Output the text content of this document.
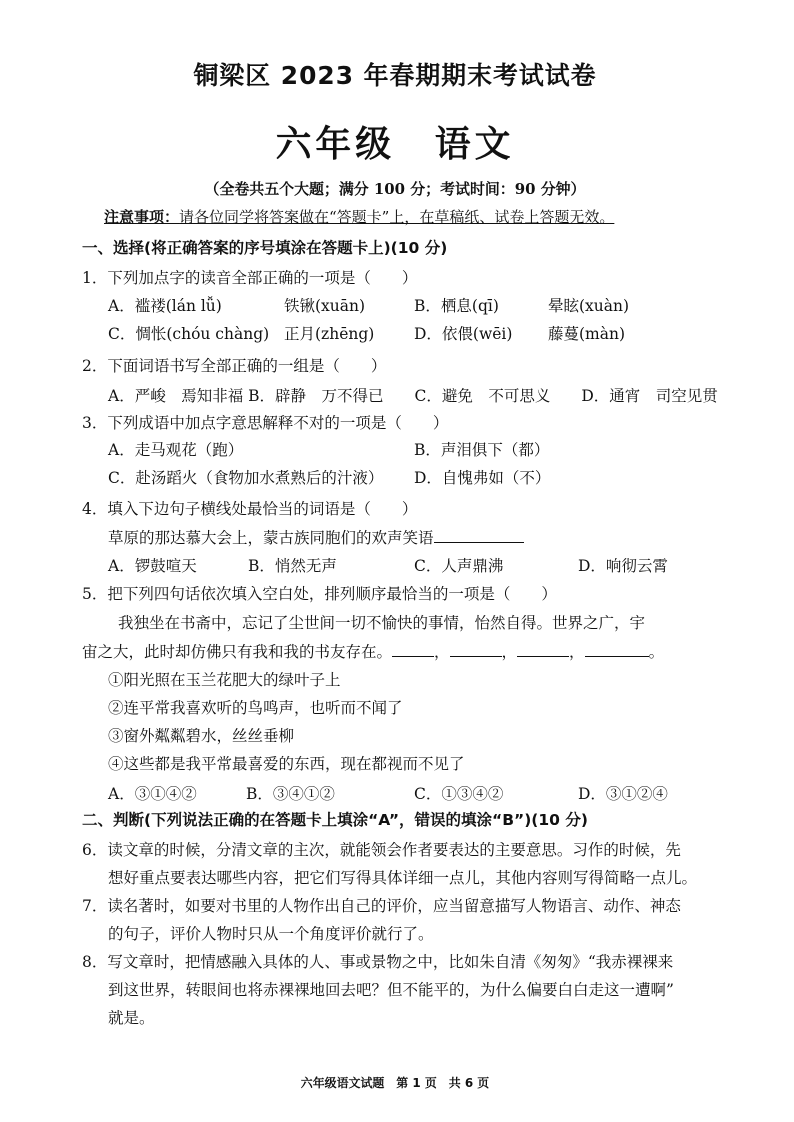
铜梁区 2023 年春期期末考试试卷
六年级　语文
（全卷共五个大题；满分 100 分；考试时间：90 分钟）
注意事项：请各位同学将答案做在“答题卡”上，在草稿纸、试卷上答题无效。
一、选择(将正确答案的序号填涂在答题卡上)(10 分)
1．下列加点字的读音全部正确的一项是（　　）
A．褴褛(lán lǚ)	铁锹(xuān)	B．栖息(qī)	晕眩(xuàn)
C．惆怅(chóu chàng) 正月(zhēng)	D．依偎(wēi) 藤蔓(màn)
2．下面词语书写全部正确的一组是（　　）
A．严峻　焉知非福 B．辟静　万不得已　　C．避免　不可思义　　D．通宵　司空见贯
3．下列成语中加点字意思解释不对的一项是（　　）
A．走马观花（跑）	B．声泪俱下（都）
C．赴汤蹈火（食物加水煮熟后的汁液） D．自愧弗如（不）
4．填入下边句子横线处最恰当的词语是（　　）
草原的那达慕大会上，蒙古族同胞们的欢声笑语
A．锣鼓喧天	B．悄然无声	C．人声鼎沸	D．响彻云霄
5．把下列四句话依次填入空白处，排列顺序最恰当的一项是（　　）
我独坐在书斋中，忘记了尘世间一切不愉快的事情，怡然自得。世界之广，宇
宙之大，此时却仿佛只有我和我的书友存在。	，	，	，	。
①阳光照在玉兰花肥大的绿叶子上
②连平常我喜欢听的鸟鸣声，也听而不闻了
③窗外粼粼碧水，丝丝垂柳
④这些都是我平常最喜爱的东西，现在都视而不见了
A．③①④②	B．③④①②	C．①③④②	D．③①②④
二、判断(下列说法正确的在答题卡上填涂“A”，错误的填涂“B”)(10 分)
6．读文章的时候，分清文章的主次，就能领会作者要表达的主要意思。习作的时候，先
想好重点要表达哪些内容，把它们写得具体详细一点儿，其他内容则写得简略一点儿。
7．读名著时，如要对书里的人物作出自己的评价，应当留意描写人物语言、动作、神态
的句子，评价人物时只从一个角度评价就行了。
8．写文章时，把情感融入具体的人、事或景物之中，比如朱自清《匆匆》“我赤裸裸来
到这世界，转眼间也将赤裸裸地回去吧？但不能平的，为什么偏要白白走这一遭啊”
就是。
六年级语文试题　第 1 页　共 6 页
